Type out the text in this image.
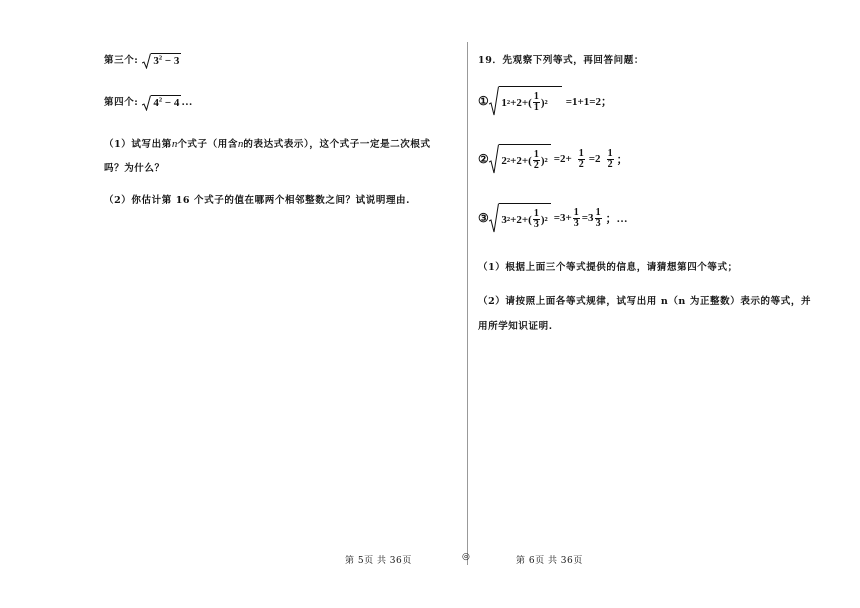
第三个: $3^2 - 3$
第四个: $4^2 - 4$ …
（1）试写出第n个式子（用含n的表达式表示），这个式子一定是二次根式
吗？为什么？
（2）你估计第 16 个式子的值在哪两个相邻整数之间？试说明理由.
19．先观察下列等式，再回答问题：
① 1 $2 +2+( \frac{1}{1}$ ) 2 =1+1=2；
② 2 $2 +2+( \frac{1}{2}$ ) $2 =2+ \frac{1}{2} =2 \frac{1}{2}$ ；
③ 3 $2 +2+( \frac{1}{3}$ ) $2 =3+ \frac{1}{3} =3 \frac{1}{3}$ ；…
（1）根据上面三个等式提供的信息，请猜想第四个等式；
（2）请按照上面各等式规律，试写出用 n（n 为正整数）表示的等式，并
用所学知识证明.
第 5页 共 36页	◎	第 6页 共 36页
